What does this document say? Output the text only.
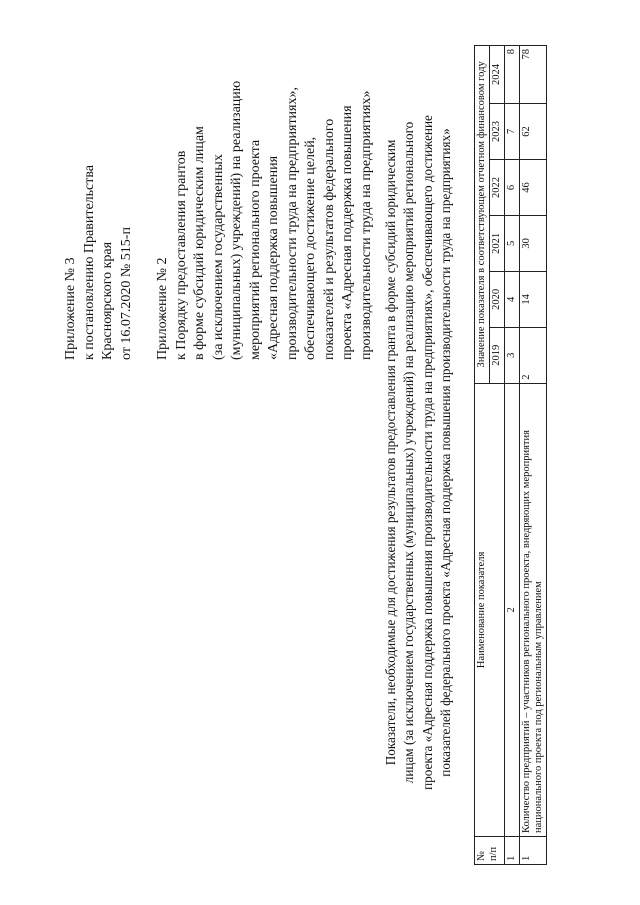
Приложение № 3 к постановлению Правительства Красноярского края от 16.07.2020 № 515-п Приложение № 2 к Порядку предоставления грантов в форме субсидий юридическим лицам (за исключением государственных (муниципальных) учреждений) на реализацию мероприятий регионального проекта «Адресная поддержка повышения производительности труда на предприятиях», обеспечивающего достижение целей, показателей и результатов федерального проекта «Адресная поддержка повышения производительности труда на предприятиях» Показатели, необходимые для достижения результатов предоставления гранта в форме субсидий юридическим лицам (за исключением государственных (муниципальных) учреждений) на реализацию мероприятий регионального проекта «Адресная поддержка повышения производительности труда на предприятиях», обеспечивающего достижение показателей федерального проекта «Адресная поддержка повышения производительности труда на предприятиях»
№ п/п	Наименование показателя	Значение показателя в соответствующем отчетном финансовом году					
		2019	2020	2021	2022	2023	2024
1	2	3	4	5	6	7	8
1	Количество предприятий – участников регионального проекта, внедряющих мероприятия национального проекта под региональным управлением	2	14	30	46	62	78
